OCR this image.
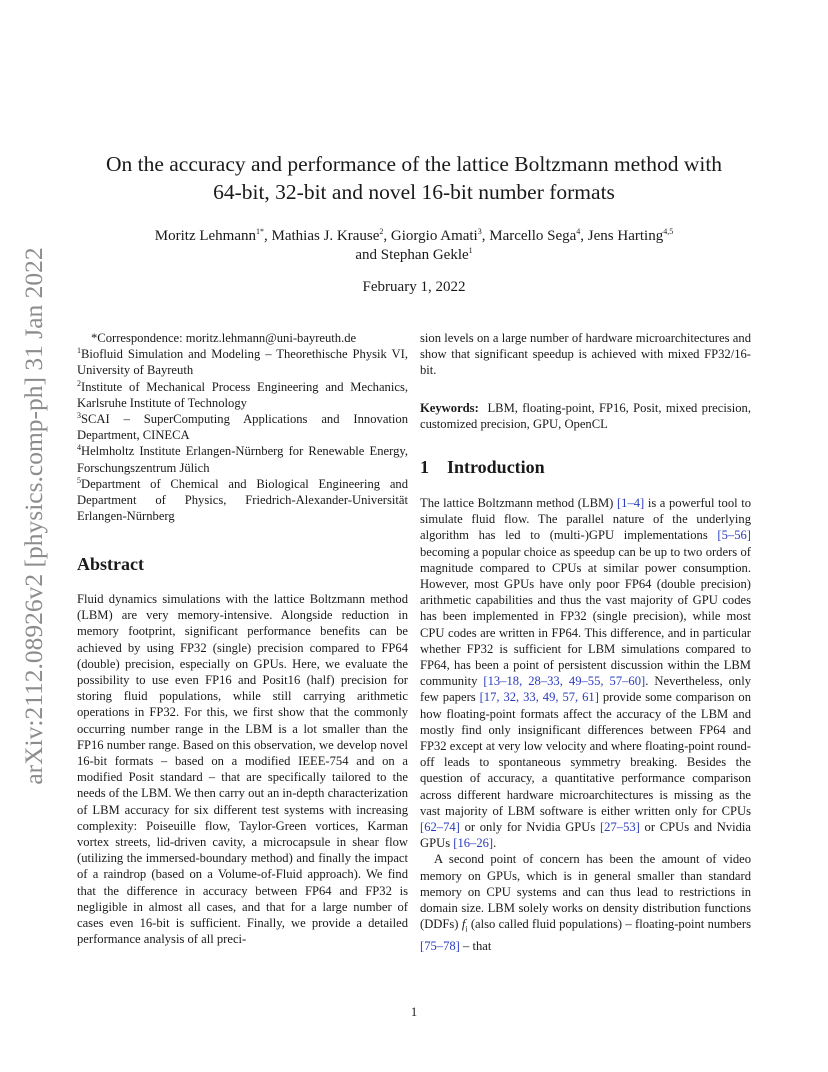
arXiv:2112.08926v2 [physics.comp-ph] 31 Jan 2022
On the accuracy and performance of the lattice Boltzmann method with
64-bit, 32-bit and novel 16-bit number formats
Moritz Lehmann$^{1*}$, Mathias J. Krause$^2$, Giorgio Amati$^3$, Marcello Sega$^4$, Jens Harting$^{4,5}$
and Stephan Gekle$^1$
February 1, 2022

*Correspondence: moritz.lehmann@uni-bayreuth.de

$^1$Biofluid Simulation and Modeling – Theorethische Physik VI, University of Bayreuth

$^2$Institute of Mechanical Process Engineering and Mechanics, Karlsruhe Institute of Technology

$^3$SCAI – SuperComputing Applications and Innovation Department, CINECA

$^4$Helmholtz Institute Erlangen-Nürnberg for Renewable Energy, Forschungszentrum Jülich

$^5$Department of Chemical and Biological Engineering and Department of Physics, Friedrich-Alexander-Universität Erlangen-Nürnberg

Abstract
Fluid dynamics simulations with the lattice Boltzmann method (LBM) are very memory-intensive. Alongside reduction in memory footprint, significant performance benefits can be achieved by using FP32 (single) precision compared to FP64 (double) precision, especially on GPUs. Here, we evaluate the possibility to use even FP16 and Posit16 (half) precision for storing fluid populations, while still carrying arithmetic operations in FP32. For this, we first show that the commonly occurring number range in the LBM is a lot smaller than the FP16 number range. Based on this observation, we develop novel 16-bit formats – based on a modified IEEE-754 and on a modified Posit standard – that are specifically tailored to the needs of the LBM. We then carry out an in-depth characterization of LBM accuracy for six different test systems with increasing complexity: Poiseuille flow, Taylor-Green vortices, Karman vortex streets, lid-driven cavity, a microcapsule in shear flow (utilizing the immersed-boundary method) and finally the impact of a raindrop (based on a Volume-of-Fluid approach). We find that the difference in accuracy between FP64 and FP32 is negligible in almost all cases, and that for a large number of cases even 16-bit is sufficient. Finally, we provide a detailed performance analysis of all preci-
sion levels on a large number of hardware microarchitectures and show that significant speedup is achieved with mixed FP32/16-bit.
Keywords: LBM, floating-point, FP16, Posit, mixed precision, customized precision, GPU, OpenCL
1 Introduction

The lattice Boltzmann method (LBM) [1–4] is a powerful tool to simulate fluid flow. The parallel nature of the underlying algorithm has led to (multi-)GPU implementations [5–56] becoming a popular choice as speedup can be up to two orders of magnitude compared to CPUs at similar power consumption. However, most GPUs have only poor FP64 (double precision) arithmetic capabilities and thus the vast majority of GPU codes has been implemented in FP32 (single precision), while most CPU codes are written in FP64. This difference, and in particular whether FP32 is sufficient for LBM simulations compared to FP64, has been a point of persistent discussion within the LBM community [13–18, 28–33, 49–55, 57–60]. Nevertheless, only few papers [17, 32, 33, 49, 57, 61] provide some comparison on how floating-point formats affect the accuracy of the LBM and mostly find only insignificant differences between FP64 and FP32 except at very low velocity and where floating-point round-off leads to spontaneous symmetry breaking. Besides the question of accuracy, a quantitative performance comparison across different hardware microarchitectures is missing as the vast majority of LBM software is either written only for CPUs [62–74] or only for Nvidia GPUs [27–53] or CPUs and Nvidia GPUs [16–26].

A second point of concern has been the amount of video memory on GPUs, which is in general smaller than standard memory on CPU systems and can thus lead to restrictions in domain size. LBM solely works on density distribution functions (DDFs) $f_i$ (also called fluid populations) – floating-point numbers [75–78] – that

1
